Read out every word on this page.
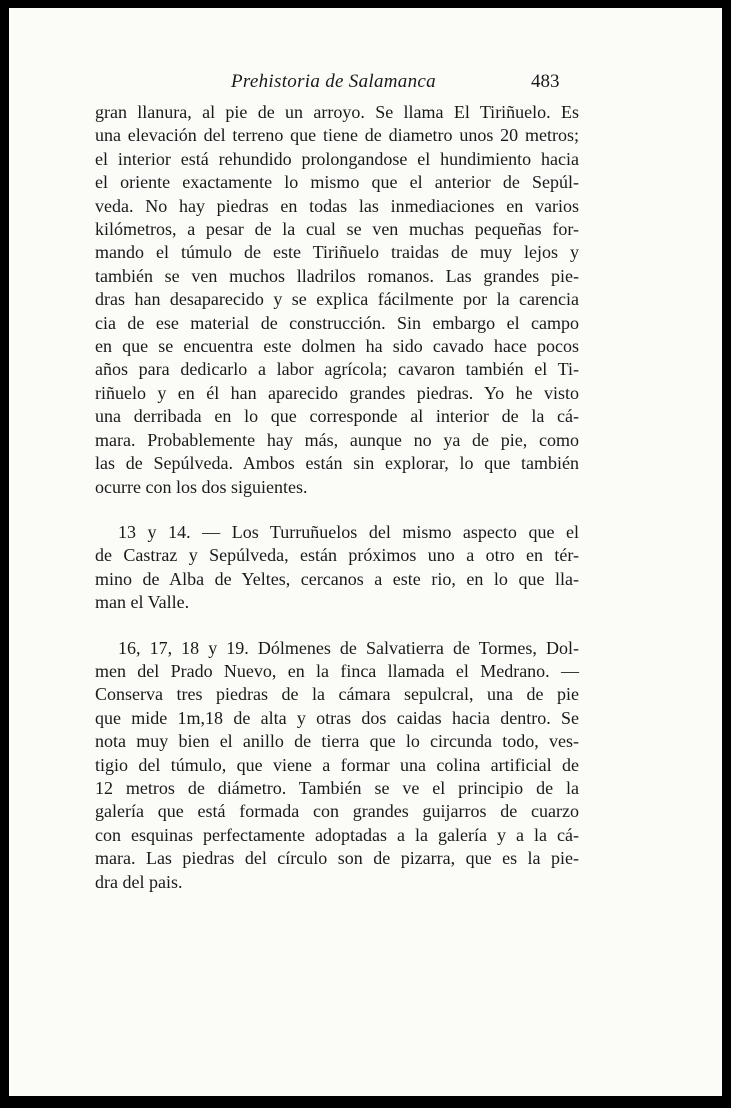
Prehistoria de Salamanca	483
gran llanura, al pie de un arroyo. Se llama El Tiriñuelo. Es
una elevación del terreno que tiene de diametro unos 20 metros;
el interior está rehundido prolongandose el hundimiento hacia
el oriente exactamente lo mismo que el anterior de Sepúl-
veda. No hay piedras en todas las inmediaciones en varios
kilómetros, a pesar de la cual se ven muchas pequeñas for-
mando el túmulo de este Tiriñuelo traidas de muy lejos y
también se ven muchos lladrilos romanos. Las grandes pie-
dras han desaparecido y se explica fácilmente por la carencia
cia de ese material de construcción. Sin embargo el campo
en que se encuentra este dolmen ha sido cavado hace pocos
años para dedicarlo a labor agrícola; cavaron también el Ti-
riñuelo y en él han aparecido grandes piedras. Yo he visto
una derribada en lo que corresponde al interior de la cá-
mara. Probablemente hay más, aunque no ya de pie, como
las de Sepúlveda. Ambos están sin explorar, lo que también
ocurre con los dos siguientes.
13 y 14. — Los Turruñuelos del mismo aspecto que el
de Castraz y Sepúlveda, están próximos uno a otro en tér-
mino de Alba de Yeltes, cercanos a este rio, en lo que lla-
man el Valle.
16, 17, 18 y 19. Dólmenes de Salvatierra de Tormes, Dol-
men del Prado Nuevo, en la finca llamada el Medrano. —
Conserva tres piedras de la cámara sepulcral, una de pie
que mide 1m,18 de alta y otras dos caidas hacia dentro. Se
nota muy bien el anillo de tierra que lo circunda todo, ves-
tigio del túmulo, que viene a formar una colina artificial de
12 metros de diámetro. También se ve el principio de la
galería que está formada con grandes guijarros de cuarzo
con esquinas perfectamente adoptadas a la galería y a la cá-
mara. Las piedras del círculo son de pizarra, que es la pie-
dra del pais.
